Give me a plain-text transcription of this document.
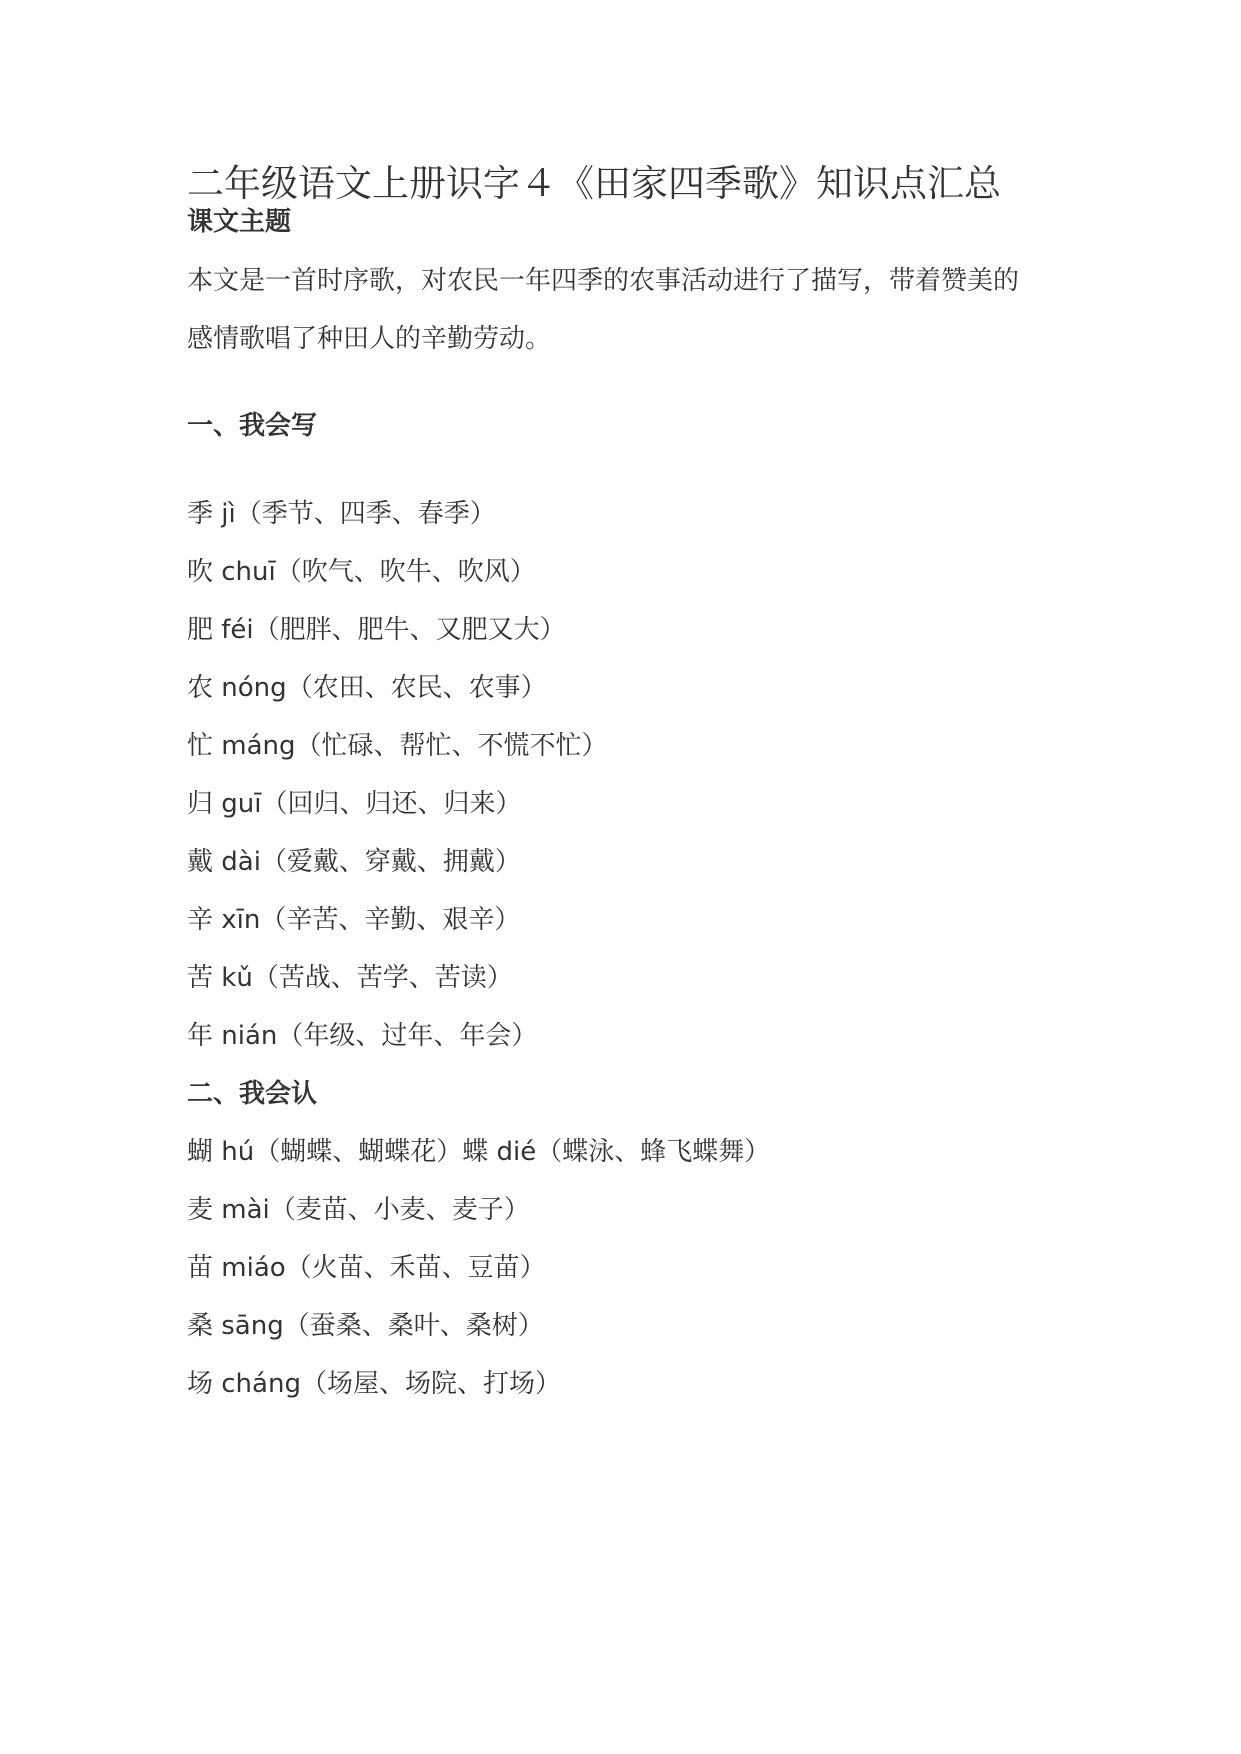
二年级语文上册识字４《田家四季歌》知识点汇总
课文主题

本文是一首时序歌，对农民一年四季的农事活动进行了描写，带着赞美的

感情歌唱了种田人的辛勤劳动。

一、我会写

季 jì（季节、四季、春季）

吹 chuī（吹气、吹牛、吹风）

肥 féi（肥胖、肥牛、又肥又大）

农 nóng（农田、农民、农事）

忙 máng（忙碌、帮忙、不慌不忙）

归 guī（回归、归还、归来）

戴 dài（爱戴、穿戴、拥戴）

辛 xīn（辛苦、辛勤、艰辛）

苦 kǔ（苦战、苦学、苦读）

年 nián（年级、过年、年会）

二、我会认

蝴 hú（蝴蝶、蝴蝶花）蝶 dié（蝶泳、蜂飞蝶舞）

麦 mài（麦苗、小麦、麦子）

苗 miáo（火苗、禾苗、豆苗）

桑 sāng（蚕桑、桑叶、桑树）

场 cháng（场屋、场院、打场）
